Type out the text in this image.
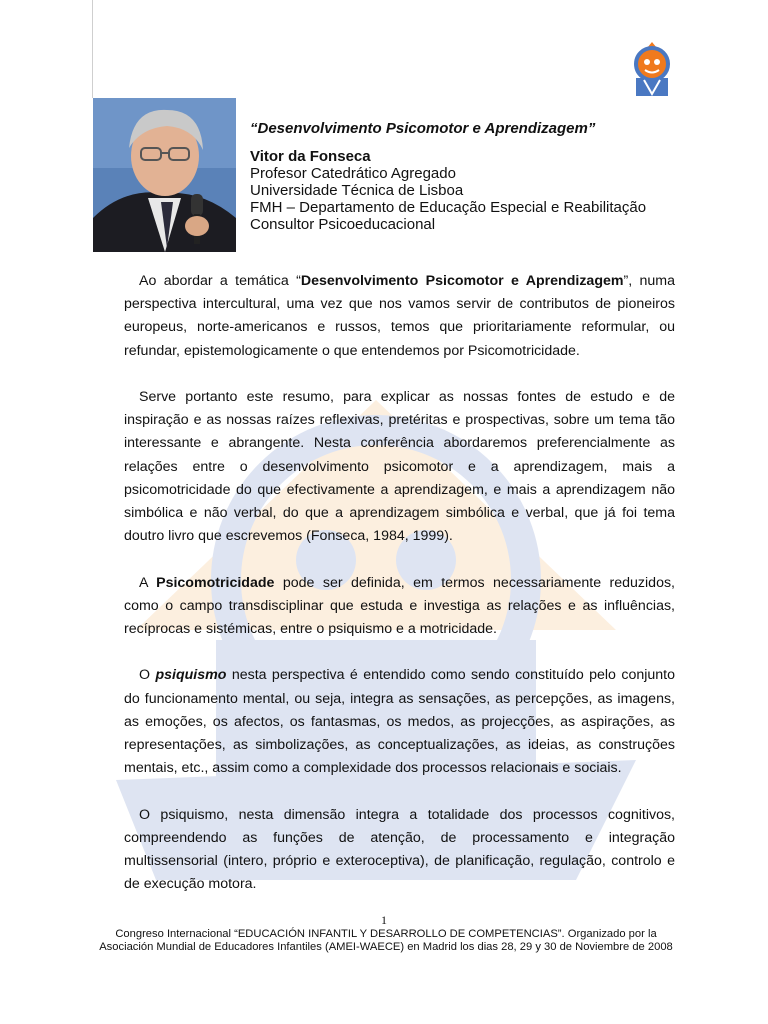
“Desenvolvimento Psicomotor e Aprendizagem”
Vitor da Fonseca
Profesor Catedrático Agregado
Universidade Técnica de Lisboa
FMH – Departamento de Educação Especial e Reabilitação
Consultor Psicoeducacional

Ao abordar a temática “Desenvolvimento Psicomotor e Aprendizagem”, numa perspectiva intercultural, uma vez que nos vamos servir de contributos de pioneiros europeus, norte-americanos e russos, temos que prioritariamente reformular, ou refundar, epistemologicamente o que entendemos por Psicomotricidade.

Serve portanto este resumo, para explicar as nossas fontes de estudo e de inspiração e as nossas raízes reflexivas, pretéritas e prospectivas, sobre um tema tão interessante e abrangente. Nesta conferência abordaremos preferencialmente as relações entre o desenvolvimento psicomotor e a aprendizagem, mais a psicomotricidade do que efectivamente a aprendizagem, e mais a aprendizagem não simbólica e não verbal, do que a aprendizagem simbólica e verbal, que já foi tema doutro livro que escrevemos (Fonseca, 1984, 1999).

A Psicomotricidade pode ser definida, em termos necessariamente reduzidos, como o campo transdisciplinar que estuda e investiga as relações e as influências, recíprocas e sistémicas, entre o psiquismo e a motricidade.

O psiquismo nesta perspectiva é entendido como sendo constituído pelo conjunto do funcionamento mental, ou seja, integra as sensações, as percepções, as imagens, as emoções, os afectos, os fantasmas, os medos, as projecções, as aspirações, as representações, as simbolizações, as conceptualizações, as ideias, as construções mentais, etc., assim como a complexidade dos processos relacionais e sociais.

O psiquismo, nesta dimensão integra a totalidade dos processos cognitivos, compreendendo as funções de atenção, de processamento e integração multissensorial (intero, próprio e exteroceptiva), de planificação, regulação, controlo e de execução motora.

1
Congreso Internacional “EDUCACIÓN INFANTIL Y DESARROLLO DE COMPETENCIAS”. Organizado por la Asociación Mundial de Educadores Infantiles (AMEI-WAECE) en Madrid los dias 28, 29 y 30 de Noviembre de 2008
